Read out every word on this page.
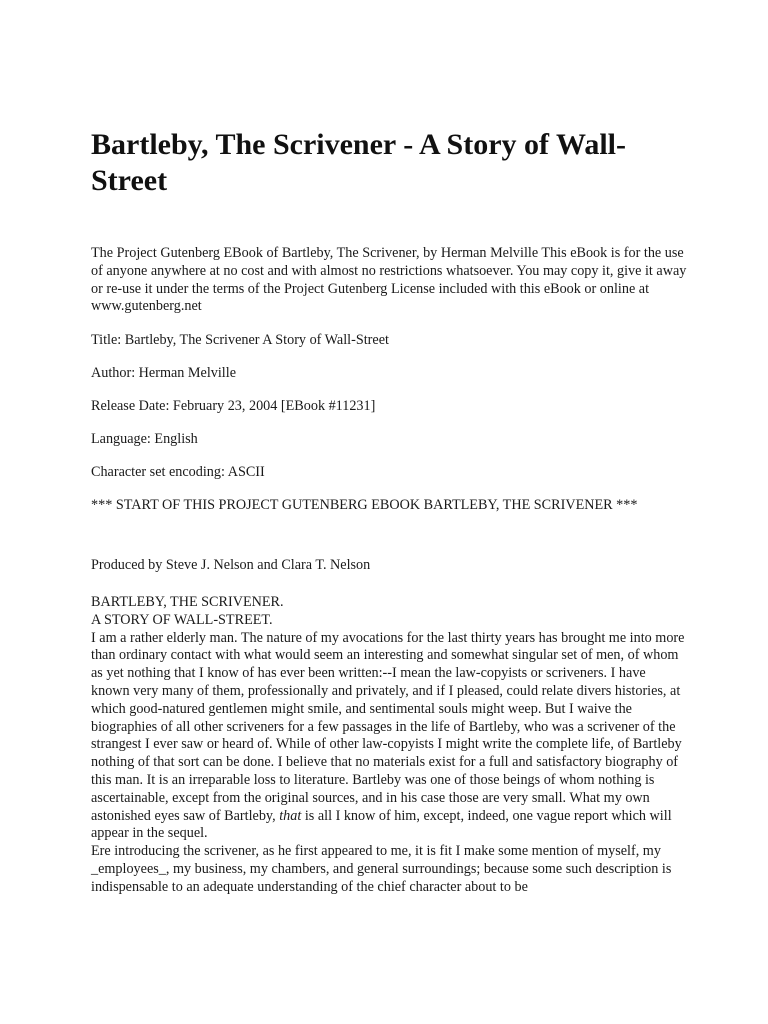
Bartleby, The Scrivener - A Story of Wall-Street

The Project Gutenberg EBook of Bartleby, The Scrivener, by Herman Melville This eBook is for the use of anyone anywhere at no cost and with almost no restrictions whatsoever. You may copy it, give it away or re-use it under the terms of the Project Gutenberg License included with this eBook or online at www.gutenberg.net

Title: Bartleby, The Scrivener A Story of Wall-Street

Author: Herman Melville

Release Date: February 23, 2004 [EBook #11231]

Language: English

Character set encoding: ASCII

*** START OF THIS PROJECT GUTENBERG EBOOK BARTLEBY, THE SCRIVENER ***

Produced by Steve J. Nelson and Clara T. Nelson

BARTLEBY, THE SCRIVENER.
A STORY OF WALL-STREET.
I am a rather elderly man. The nature of my avocations for the last thirty years has brought me into more than ordinary contact with what would seem an interesting and somewhat singular set of men, of whom as yet nothing that I know of has ever been written:--I mean the law-copyists or scriveners. I have known very many of them, professionally and privately, and if I pleased, could relate divers histories, at which good-natured gentlemen might smile, and sentimental souls might weep. But I waive the biographies of all other scriveners for a few passages in the life of Bartleby, who was a scrivener of the strangest I ever saw or heard of. While of other law-copyists I might write the complete life, of Bartleby nothing of that sort can be done. I believe that no materials exist for a full and satisfactory biography of this man. It is an irreparable loss to literature. Bartleby was one of those beings of whom nothing is ascertainable, except from the original sources, and in his case those are very small. What my own astonished eyes saw of Bartleby, that is all I know of him, except, indeed, one vague report which will appear in the sequel.
Ere introducing the scrivener, as he first appeared to me, it is fit I make some mention of myself, my _employees_, my business, my chambers, and general surroundings; because some such description is indispensable to an adequate understanding of the chief character about to be
